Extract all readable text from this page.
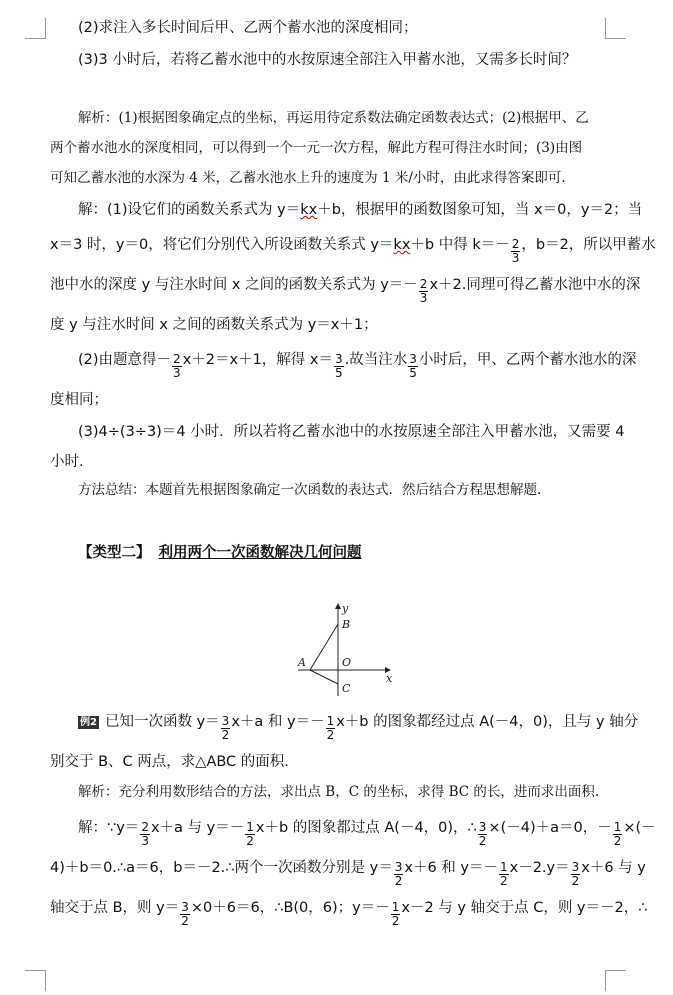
(2)求注入多长时间后甲、乙两个蓄水池的深度相同；
(3)3 小时后，若将乙蓄水池中的水按原速全部注入甲蓄水池，又需多长时间？
解析：(1)根据图象确定点的坐标，再运用待定系数法确定函数表达式；(2)根据甲、乙
两个蓄水池水的深度相同，可以得到一个一元一次方程，解此方程可得注水时间；(3)由图
可知乙蓄水池的水深为 4 米，乙蓄水池水上升的速度为 1 米/小时，由此求得答案即可.
解：(1)设它们的函数关系式为 y＝ kx ＋b，根据甲的函数图象可知，当 x＝0，y＝2；当
x＝3 时，y＝0，将它们分别代入所设函数关系式 y＝ kx ＋b 中得 $k=- \frac{2}{3}$ ，b＝2，所以甲蓄水
池中水的深度 y 与注水时间 x 之间的函数关系式为 $y=- \frac{2}{3} x+2$.同理可得乙蓄水池中水的深
度 y 与注水时间 x 之间的函数关系式为 y＝x＋1；
(2)由题意得－ $\frac{2}{3} x+2=x+1$，解得 $x= \frac{3}{5}$ .故当注水 $\frac{3}{5}$ 小时后，甲、乙两个蓄水池水的深
度相同；
(3)4÷(3÷3)＝4 小时．所以若将乙蓄水池中的水按原速全部注入甲蓄水池，又需要 4
小时.
方法总结：本题首先根据图象确定一次函数的表达式．然后结合方程思想解题.
例2 已知一次函数 $y= \frac{3}{2} x+a$ 和 $y=- \frac{1}{2} x+b$ 的图象都经过点 A(－4，0)，且与 y 轴分
别交于 B、C 两点，求△ABC 的面积.
解析：充分利用数形结合的方法，求出点 B，C 的坐标，求得 BC 的长，进而求出面积.
解：∵y＝ $\frac{2}{3} x+a$ 与 $y=- \frac{1}{2} x+b$ 的图象都过点 A(－4，0)，∴ $\frac{3}{2} \times(-4)+a=0$，－ $\frac{1}{2}$ ×(－
4)＋b＝0.∴a＝6，b＝－2.∴两个一次函数分别是 $y= \frac{3}{2} x+6$ 和 $y=- \frac{1}{2} x-2.y= \frac{3}{2} x+6$ 与 y
轴交于点 B，则 $y= \frac{3}{2} \times 0+6=6$，∴B(0，6)；$y=- \frac{1}{2} x-2$ 与 y 轴交于点 C，则 y＝－2，∴
【类型二】 利用两个一次函数解决几何问题
y
B
A	O
x
C
